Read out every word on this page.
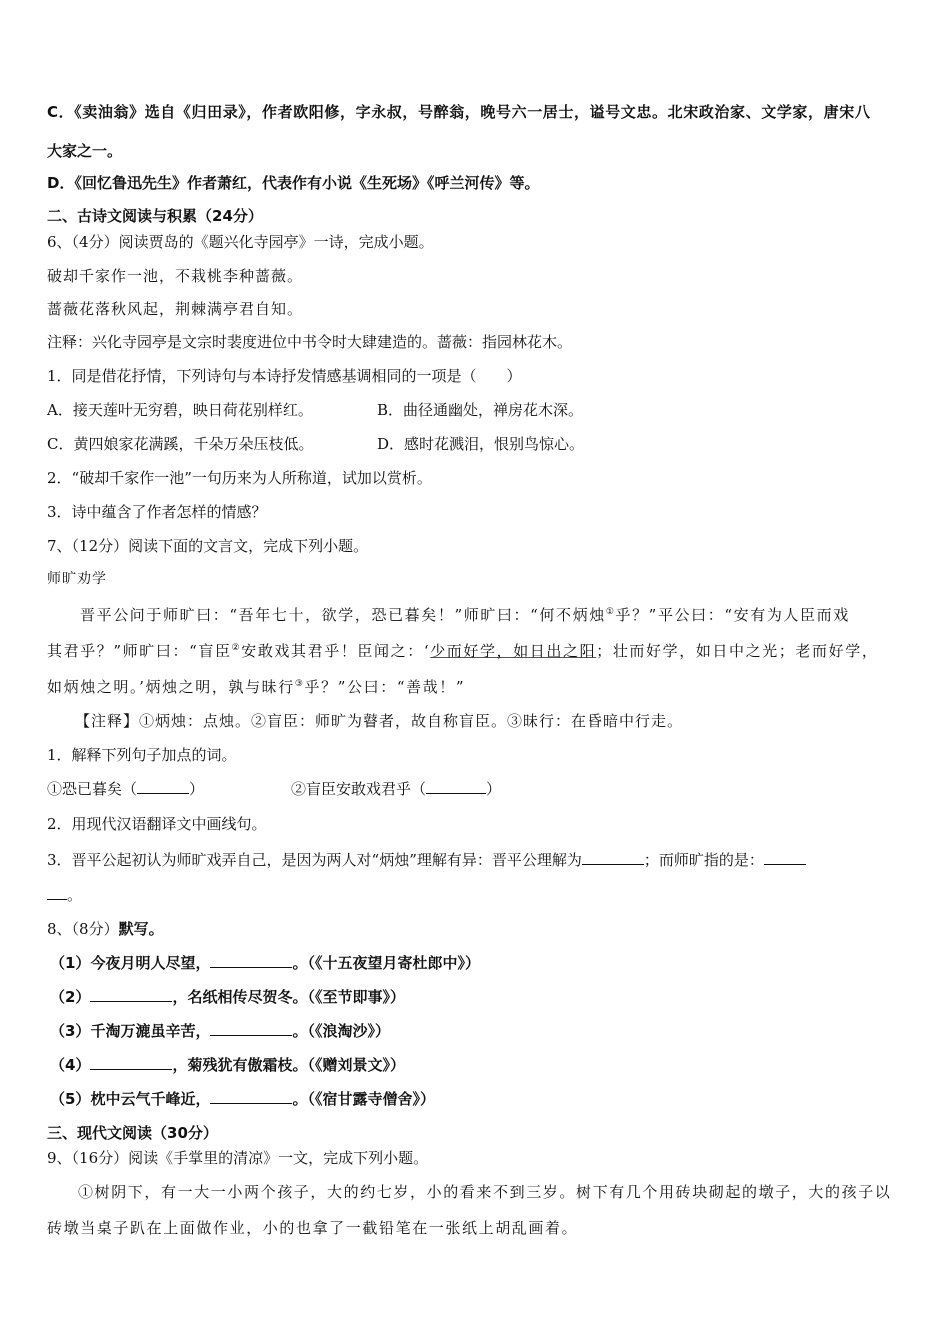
C．《卖油翁》选自《归田录》，作者欧阳修，字永叔，号醉翁，晚号六一居士，谥号文忠。北宋政治家、文学家，唐宋八
大家之一。
D．《回忆鲁迅先生》作者萧红，代表作有小说《生死场》《呼兰河传》等。
二、古诗文阅读与积累（24分）
6、（4分）阅读贾岛的《题兴化寺园亭》一诗，完成小题。
破却千家作一池，不栽桃李种蔷薇。
蔷薇花落秋风起，荆棘满亭君自知。
注释：兴化寺园亭是文宗时裴度进位中书令时大肆建造的。蔷薇：指园林花木。
1．同是借花抒情，下列诗句与本诗抒发情感基调相同的一项是（　　）
A．接天莲叶无穷碧，映日荷花别样红。	B．曲径通幽处，禅房花木深。
C．黄四娘家花满蹊，千朵万朵压枝低。	D．感时花溅泪，恨别鸟惊心。
2．“破却千家作一池”一句历来为人所称道，试加以赏析。
3．诗中蕴含了作者怎样的情感？
7、（12分）阅读下面的文言文，完成下列小题。
师旷劝学
晋平公问于师旷曰：“吾年七十，欲学，恐已暮矣！”师旷曰：“何不炳烛①乎？”平公曰：“安有为人臣而戏
其君乎？”师旷曰：“盲臣②安敢戏其君乎！臣闻之：‘少而好学，如日出之阳；壮而好学，如日中之光；老而好学，
如炳烛之明。’炳烛之明，孰与昧行③乎？”公曰：“善哉！”
【注释】①炳烛：点烛。②盲臣：师旷为瞽者，故自称盲臣。③昧行：在昏暗中行走。
1．解释下列句子加点的词。
①恐已暮矣（	）	②盲臣安敢戏君乎（	）
2．用现代汉语翻译文中画线句。
3．晋平公起初认为师旷戏弄自己，是因为两人对“炳烛”理解有异：晋平公理解为	；而师旷指的是：
。
8、（8分）默写。
（1）今夜月明人尽望，	。（《十五夜望月寄杜郎中》）
（2）	，名纸相传尽贺冬。（《至节即事》）
（3）千淘万漉虽辛苦，	。（《浪淘沙》）
（4）	，菊残犹有傲霜枝。（《赠刘景文》）
（5）枕中云气千峰近，	。（《宿甘露寺僧舍》）
三、现代文阅读（30分）
9、（16分）阅读《手掌里的清凉》一文，完成下列小题。
①树阴下，有一大一小两个孩子，大的约七岁，小的看来不到三岁。树下有几个用砖块砌起的墩子，大的孩子以
砖墩当桌子趴在上面做作业，小的也拿了一截铅笔在一张纸上胡乱画着。
